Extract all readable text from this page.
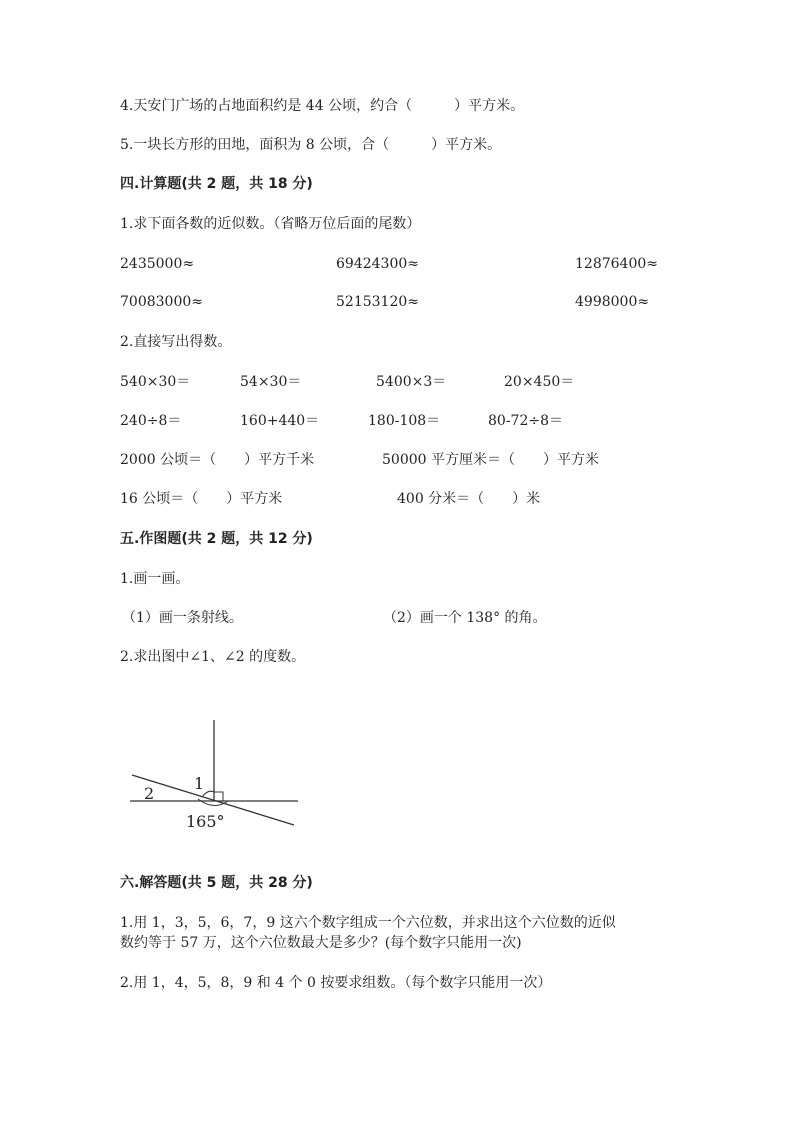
4.天安门广场的占地面积约是 44 公顷，约合（　　　）平方米。
5.一块长方形的田地，面积为 8 公顷，合（　　　）平方米。
四.计算题(共 2 题，共 18 分)
1.求下面各数的近似数。（省略万位后面的尾数）
2435000≈	69424300≈	12876400≈
70083000≈	52153120≈	4998000≈
2.直接写出得数。
540×30＝	54×30＝	5400×3＝	20×450＝
240÷8＝	160+440＝	180-108＝	80-72÷8＝
2000 公顷＝（　　）平方千米	50000 平方厘米＝（　　）平方米
16 公顷＝（　　）平方米	400 分米＝（　　）米
五.作图题(共 2 题，共 12 分)
1.画一画。
（1）画一条射线。	（2）画一个 138° 的角。
2.求出图中∠1、∠2 的度数。
1
2
165°
六.解答题(共 5 题，共 28 分)
1.用 1，3，5，6，7，9 这六个数字组成一个六位数，并求出这个六位数的近似
数约等于 57 万，这个六位数最大是多少？(每个数字只能用一次)
2.用 1，4，5，8，9 和 4 个 0 按要求组数。（每个数字只能用一次）
